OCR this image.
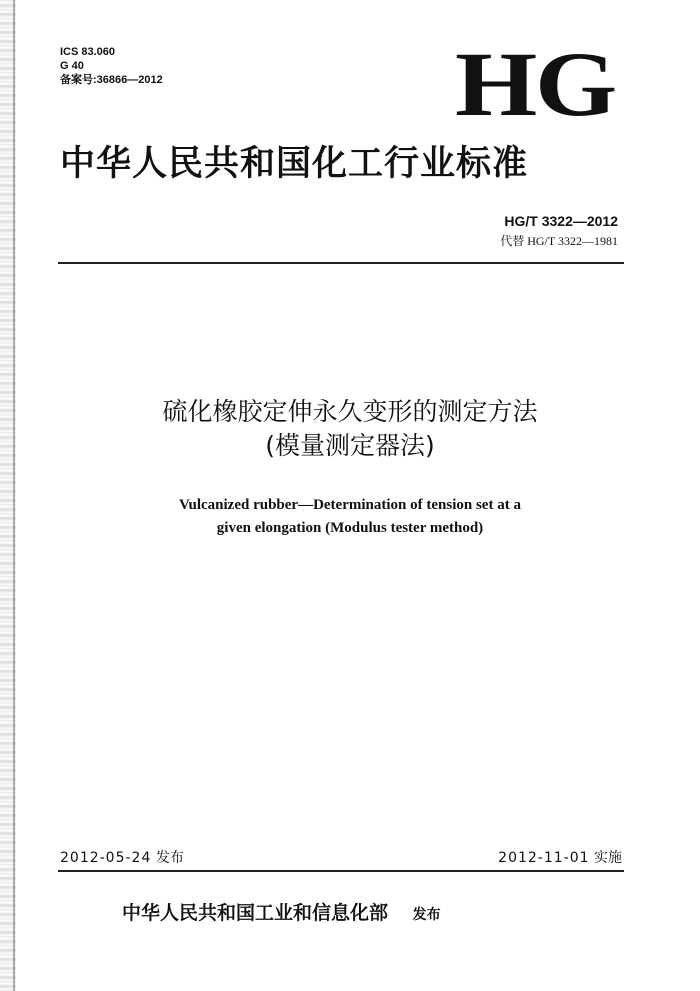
ICS 83.060
G 40
备案号:36866—2012	HG
中华人民共和国化工行业标准
HG/T 3322—2012
代替 HG/T 3322—1981
硫化橡胶定伸永久变形的测定方法
(模量测定器法)
Vulcanized rubber—Determination of tension set at a
given elongation (Modulus tester method)
2012-05-24 发布	2012-11-01 实施
中华人民共和国工业和信息化部 发布
